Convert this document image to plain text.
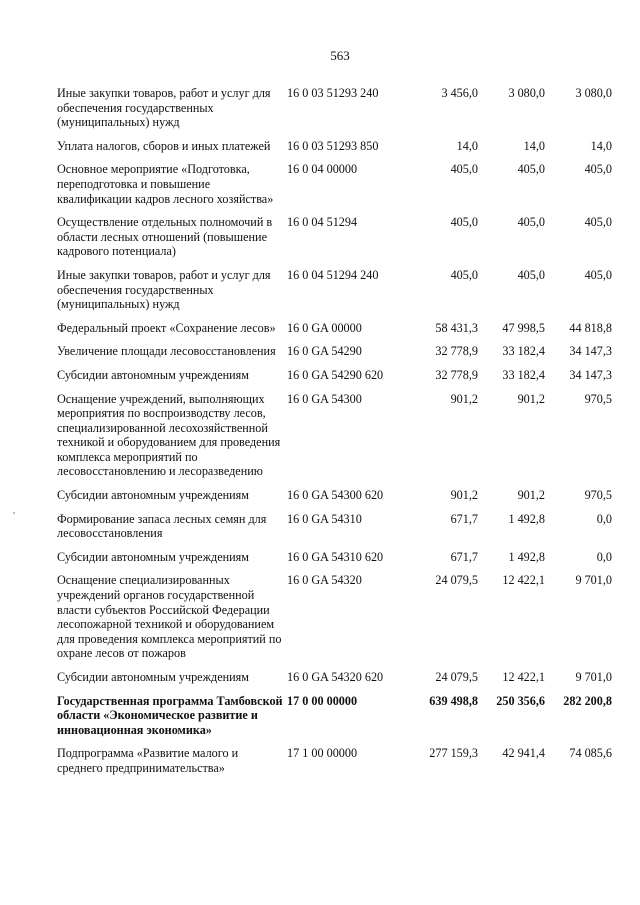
563
Иные закупки товаров, работ и услуг для обеспечения государственных (муниципальных) нужд
16 0 03 51293 240	3 456,0	3 080,0	3 080,0
Уплата налогов, сборов и иных платежей	16 0 03 51293 850	14,0	14,0	14,0
Основное мероприятие «Подготовка, переподготовка и повышение квалификации кадров лесного хозяйства»
16 0 04 00000	405,0	405,0	405,0
Осуществление отдельных полномочий в области лесных отношений (повышение кадрового потенциала)
16 0 04 51294	405,0	405,0	405,0
Иные закупки товаров, работ и услуг для обеспечения государственных (муниципальных) нужд
16 0 04 51294 240	405,0	405,0	405,0
Федеральный проект «Сохранение лесов» 16 0 GA 00000	58 431,3	47 998,5	44 818,8
Увеличение площади лесовосстановления 16 0 GA 54290	32 778,9	33 182,4	34 147,3
Субсидии автономным учреждениям	16 0 GA 54290 620	32 778,9	33 182,4	34 147,3
Оснащение учреждений, выполняющих мероприятия по воспроизводству лесов, специализированной лесохозяйственной техникой и оборудованием для проведения комплекса мероприятий по лесовосстановлению и лесоразведению
16 0 GA 54300	901,2	901,2	970,5
Субсидии автономным учреждениям	16 0 GA 54300 620	901,2	901,2	970,5
Формирование запаса лесных семян для лесовосстановления
16 0 GA 54310	671,7	1 492,8	0,0
Субсидии автономным учреждениям	16 0 GA 54310 620	671,7	1 492,8	0,0
Оснащение специализированных учреждений органов государственной власти субъектов Российской Федерации лесопожарной техникой и оборудованием для проведения комплекса мероприятий по охране лесов от пожаров
16 0 GA 54320	24 079,5	12 422,1	9 701,0
Субсидии автономным учреждениям	16 0 GA 54320 620	24 079,5	12 422,1	9 701,0
Государственная программа Тамбовской области «Экономическое развитие и инновационная экономика»
17 0 00 00000	639 498,8	250 356,6	282 200,8
Подпрограмма «Развитие малого и среднего предпринимательства»
17 1 00 00000	277 159,3	42 941,4	74 085,6
